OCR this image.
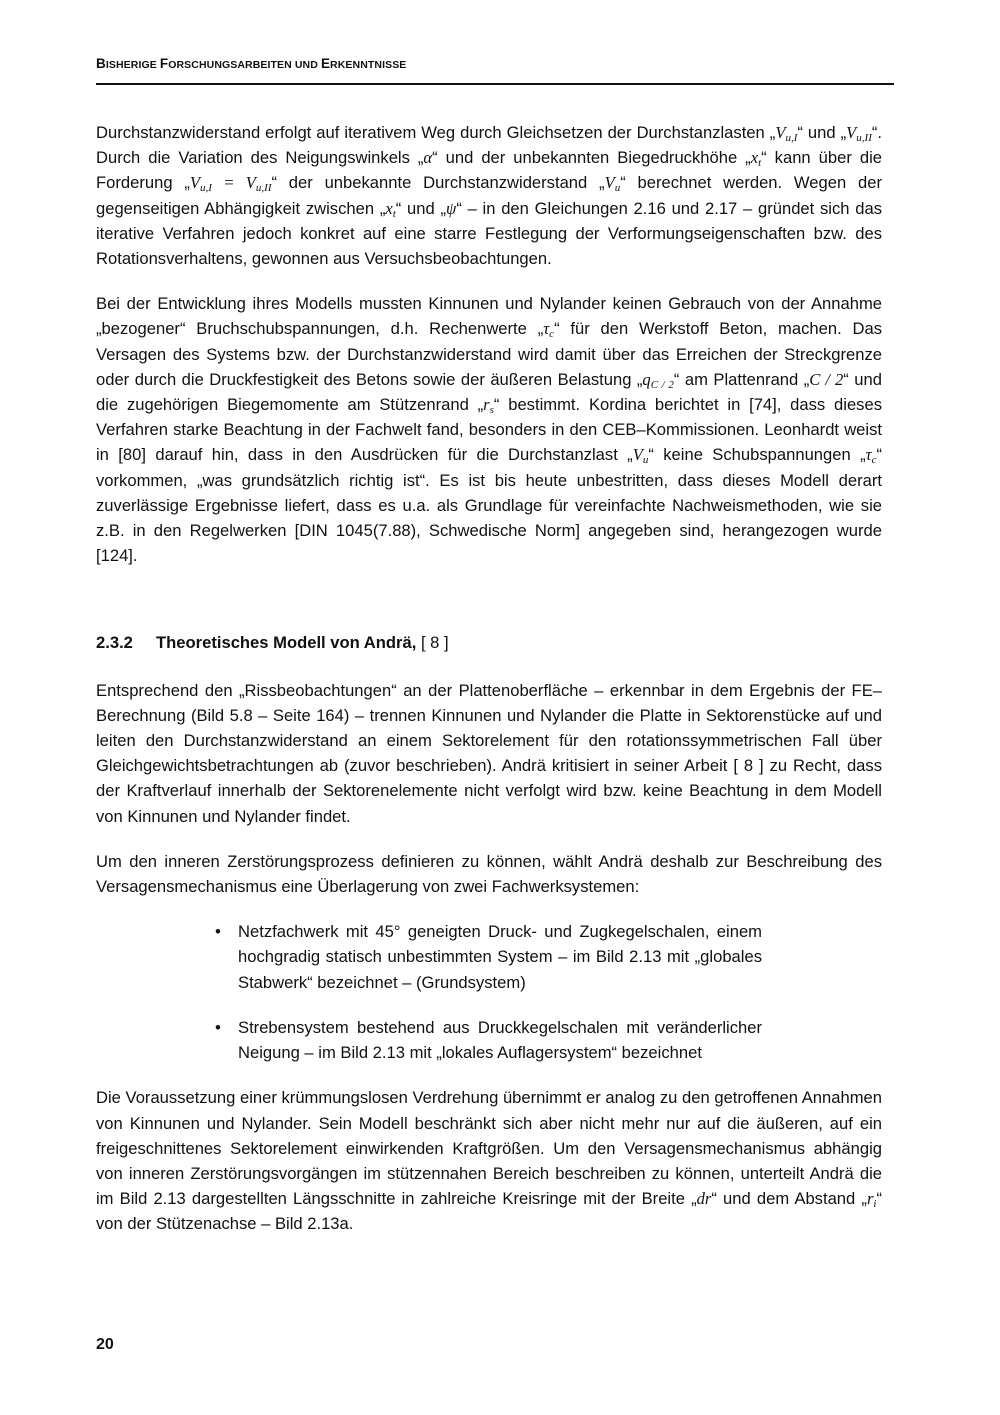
BISHERIGE FORSCHUNGSARBEITEN UND ERKENNTNISSE

Durchstanzwiderstand erfolgt auf iterativem Weg durch Gleichsetzen der Durchstanzlasten $„V_{u,I}“$ und $„V_{u,II}“$. Durch die Variation des Neigungswinkels „α“ und der unbekannten Biegedruckhöhe $„x_t“$ kann über die Forderung $„V_{u,I}$ = $V_{u,II}“$ der unbekannte Durchstanzwiderstand $„V_u“$ berechnet werden. Wegen der gegenseitigen Abhängigkeit zwischen $„x_t“$ und „ψ“ – in den Gleichungen 2.16 und 2.17 – gründet sich das iterative Verfahren jedoch konkret auf eine starre Festlegung der Verformungseigenschaften bzw. des Rotationsverhaltens, gewonnen aus Versuchsbeobachtungen.

Bei der Entwicklung ihres Modells mussten Kinnunen und Nylander keinen Gebrauch von der Annahme „bezogener“ Bruchschubspannungen, d.h. Rechenwerte $„\tau_c“$ für den Werkstoff Beton, machen. Das Versagen des Systems bzw. der Durchstanzwiderstand wird damit über das Erreichen der Streckgrenze oder durch die Druckfestigkeit des Betons sowie der äußeren Belastung $„q_{C / 2}“$ am Plattenrand „C / 2“ und die zugehörigen Biegemomente am Stützenrand $„r_s“$ bestimmt. Kordina berichtet in [74], dass dieses Verfahren starke Beachtung in der Fachwelt fand, besonders in den CEB–Kommissionen. Leonhardt weist in [80] darauf hin, dass in den Ausdrücken für die Durchstanzlast $„V_u“$ keine Schubspannungen $„\tau_c“$ vorkommen, „was grundsätzlich richtig ist“. Es ist bis heute unbestritten, dass dieses Modell derart zuverlässige Ergebnisse liefert, dass es u.a. als Grundlage für vereinfachte Nachweismethoden, wie sie z.B. in den Regelwerken [DIN 1045(7.88), Schwedische Norm] angegeben sind, herangezogen wurde [124].

2.3.2 Theoretisches Modell von Andrä, [ 8 ]

Entsprechend den „Rissbeobachtungen“ an der Plattenoberfläche – erkennbar in dem Ergebnis der FE–Berechnung (Bild 5.8 – Seite 164) – trennen Kinnunen und Nylander die Platte in Sektorenstücke auf und leiten den Durchstanzwiderstand an einem Sektorelement für den rotationssymmetrischen Fall über Gleichgewichtsbetrachtungen ab (zuvor beschrieben). Andrä kritisiert in seiner Arbeit [ 8 ] zu Recht, dass der Kraftverlauf innerhalb der Sektorenelemente nicht verfolgt wird bzw. keine Beachtung in dem Modell von Kinnunen und Nylander findet.

Um den inneren Zerstörungsprozess definieren zu können, wählt Andrä deshalb zur Beschreibung des Versagensmechanismus eine Überlagerung von zwei Fachwerksystemen:

• Netzfachwerk mit 45° geneigten Druck- und Zugkegelschalen, einem hochgradig statisch unbestimmten System – im Bild 2.13 mit „globales Stabwerk“ bezeichnet – (Grundsystem)
• Strebensystem bestehend aus Druckkegelschalen mit veränderlicher Neigung – im Bild 2.13 mit „lokales Auflagersystem“ bezeichnet

Die Voraussetzung einer krümmungslosen Verdrehung übernimmt er analog zu den getroffenen Annahmen von Kinnunen und Nylander. Sein Modell beschränkt sich aber nicht mehr nur auf die äußeren, auf ein freigeschnittenes Sektorelement einwirkenden Kraftgrößen. Um den Versagensmechanismus abhängig von inneren Zerstörungsvorgängen im stützennahen Bereich beschreiben zu können, unterteilt Andrä die im Bild 2.13 dargestellten Längsschnitte in zahlreiche Kreisringe mit der Breite „dr“ und dem Abstand $„r_i“$ von der Stützenachse – Bild 2.13a.

20
